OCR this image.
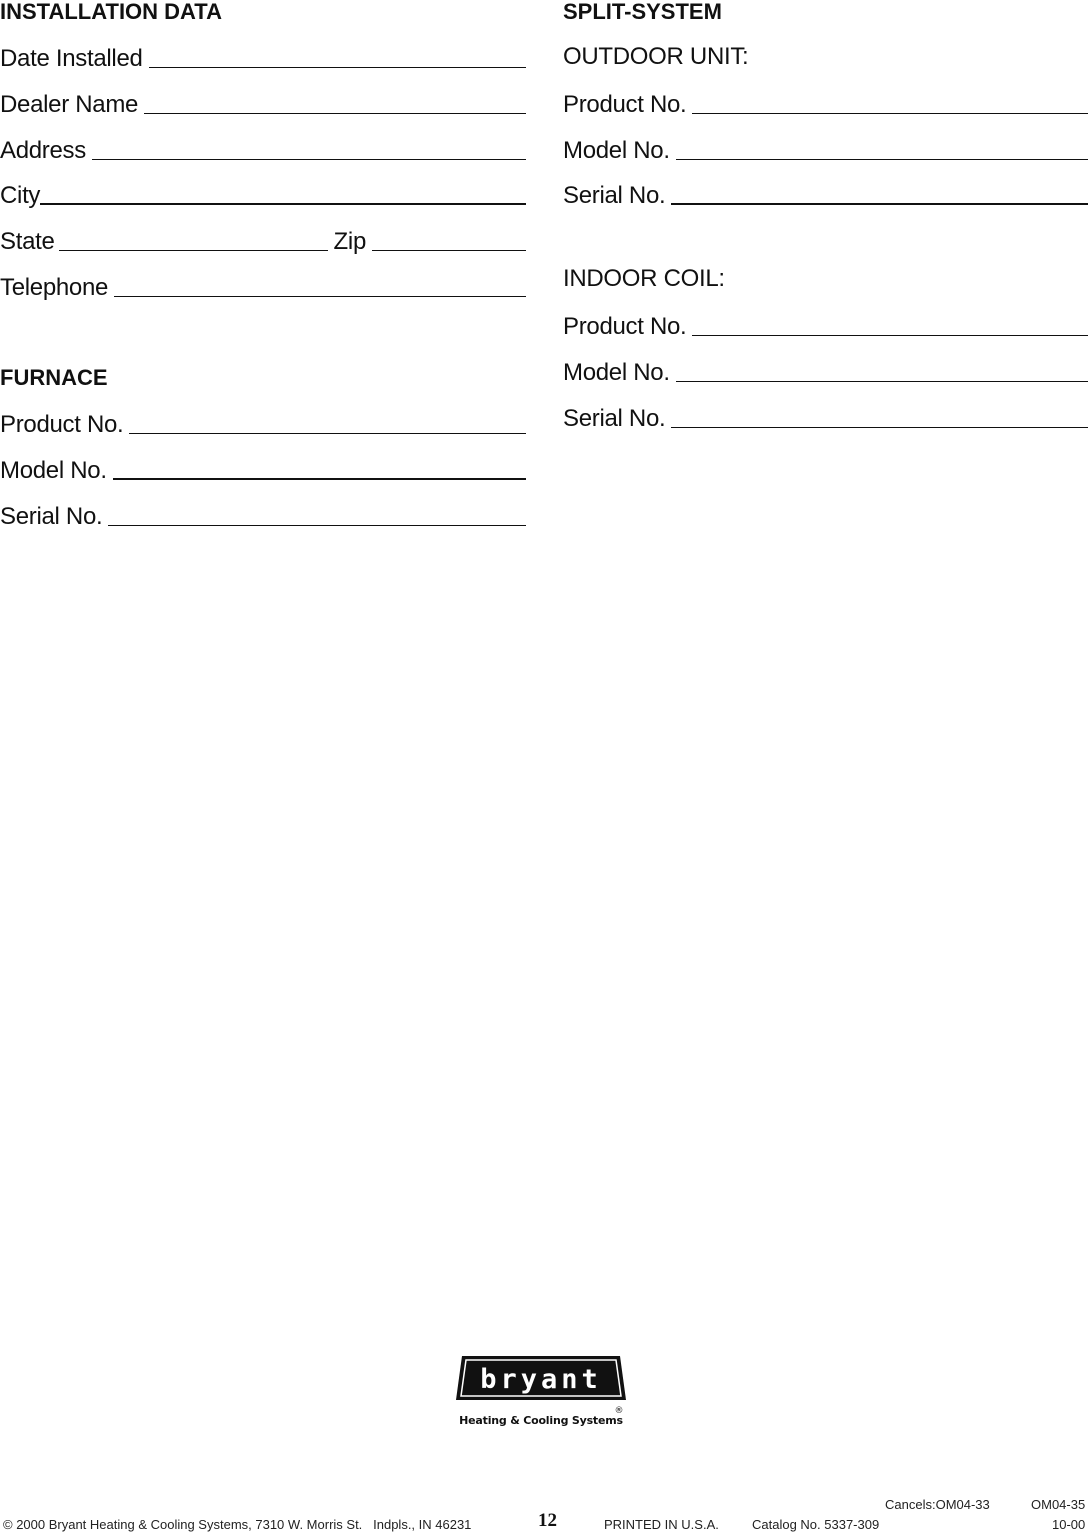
INSTALLATION DATA
Date Installed
Dealer Name
Address
City
State	Zip
Telephone
FURNACE
Product No.
Model No.
Serial No.
SPLIT-SYSTEM
OUTDOOR UNIT:
Product No.
Model No.
Serial No.
INDOOR COIL:
Product No.
Model No.
Serial No.
bryant
®
Heating & Cooling Systems
Cancels:OM04-33	OM04-35
© 2000 Bryant Heating & Cooling Systems, 7310 W. Morris St.   Indpls., IN 46231	12	PRINTED IN U.S.A.	Catalog No. 5337-309	10-00
